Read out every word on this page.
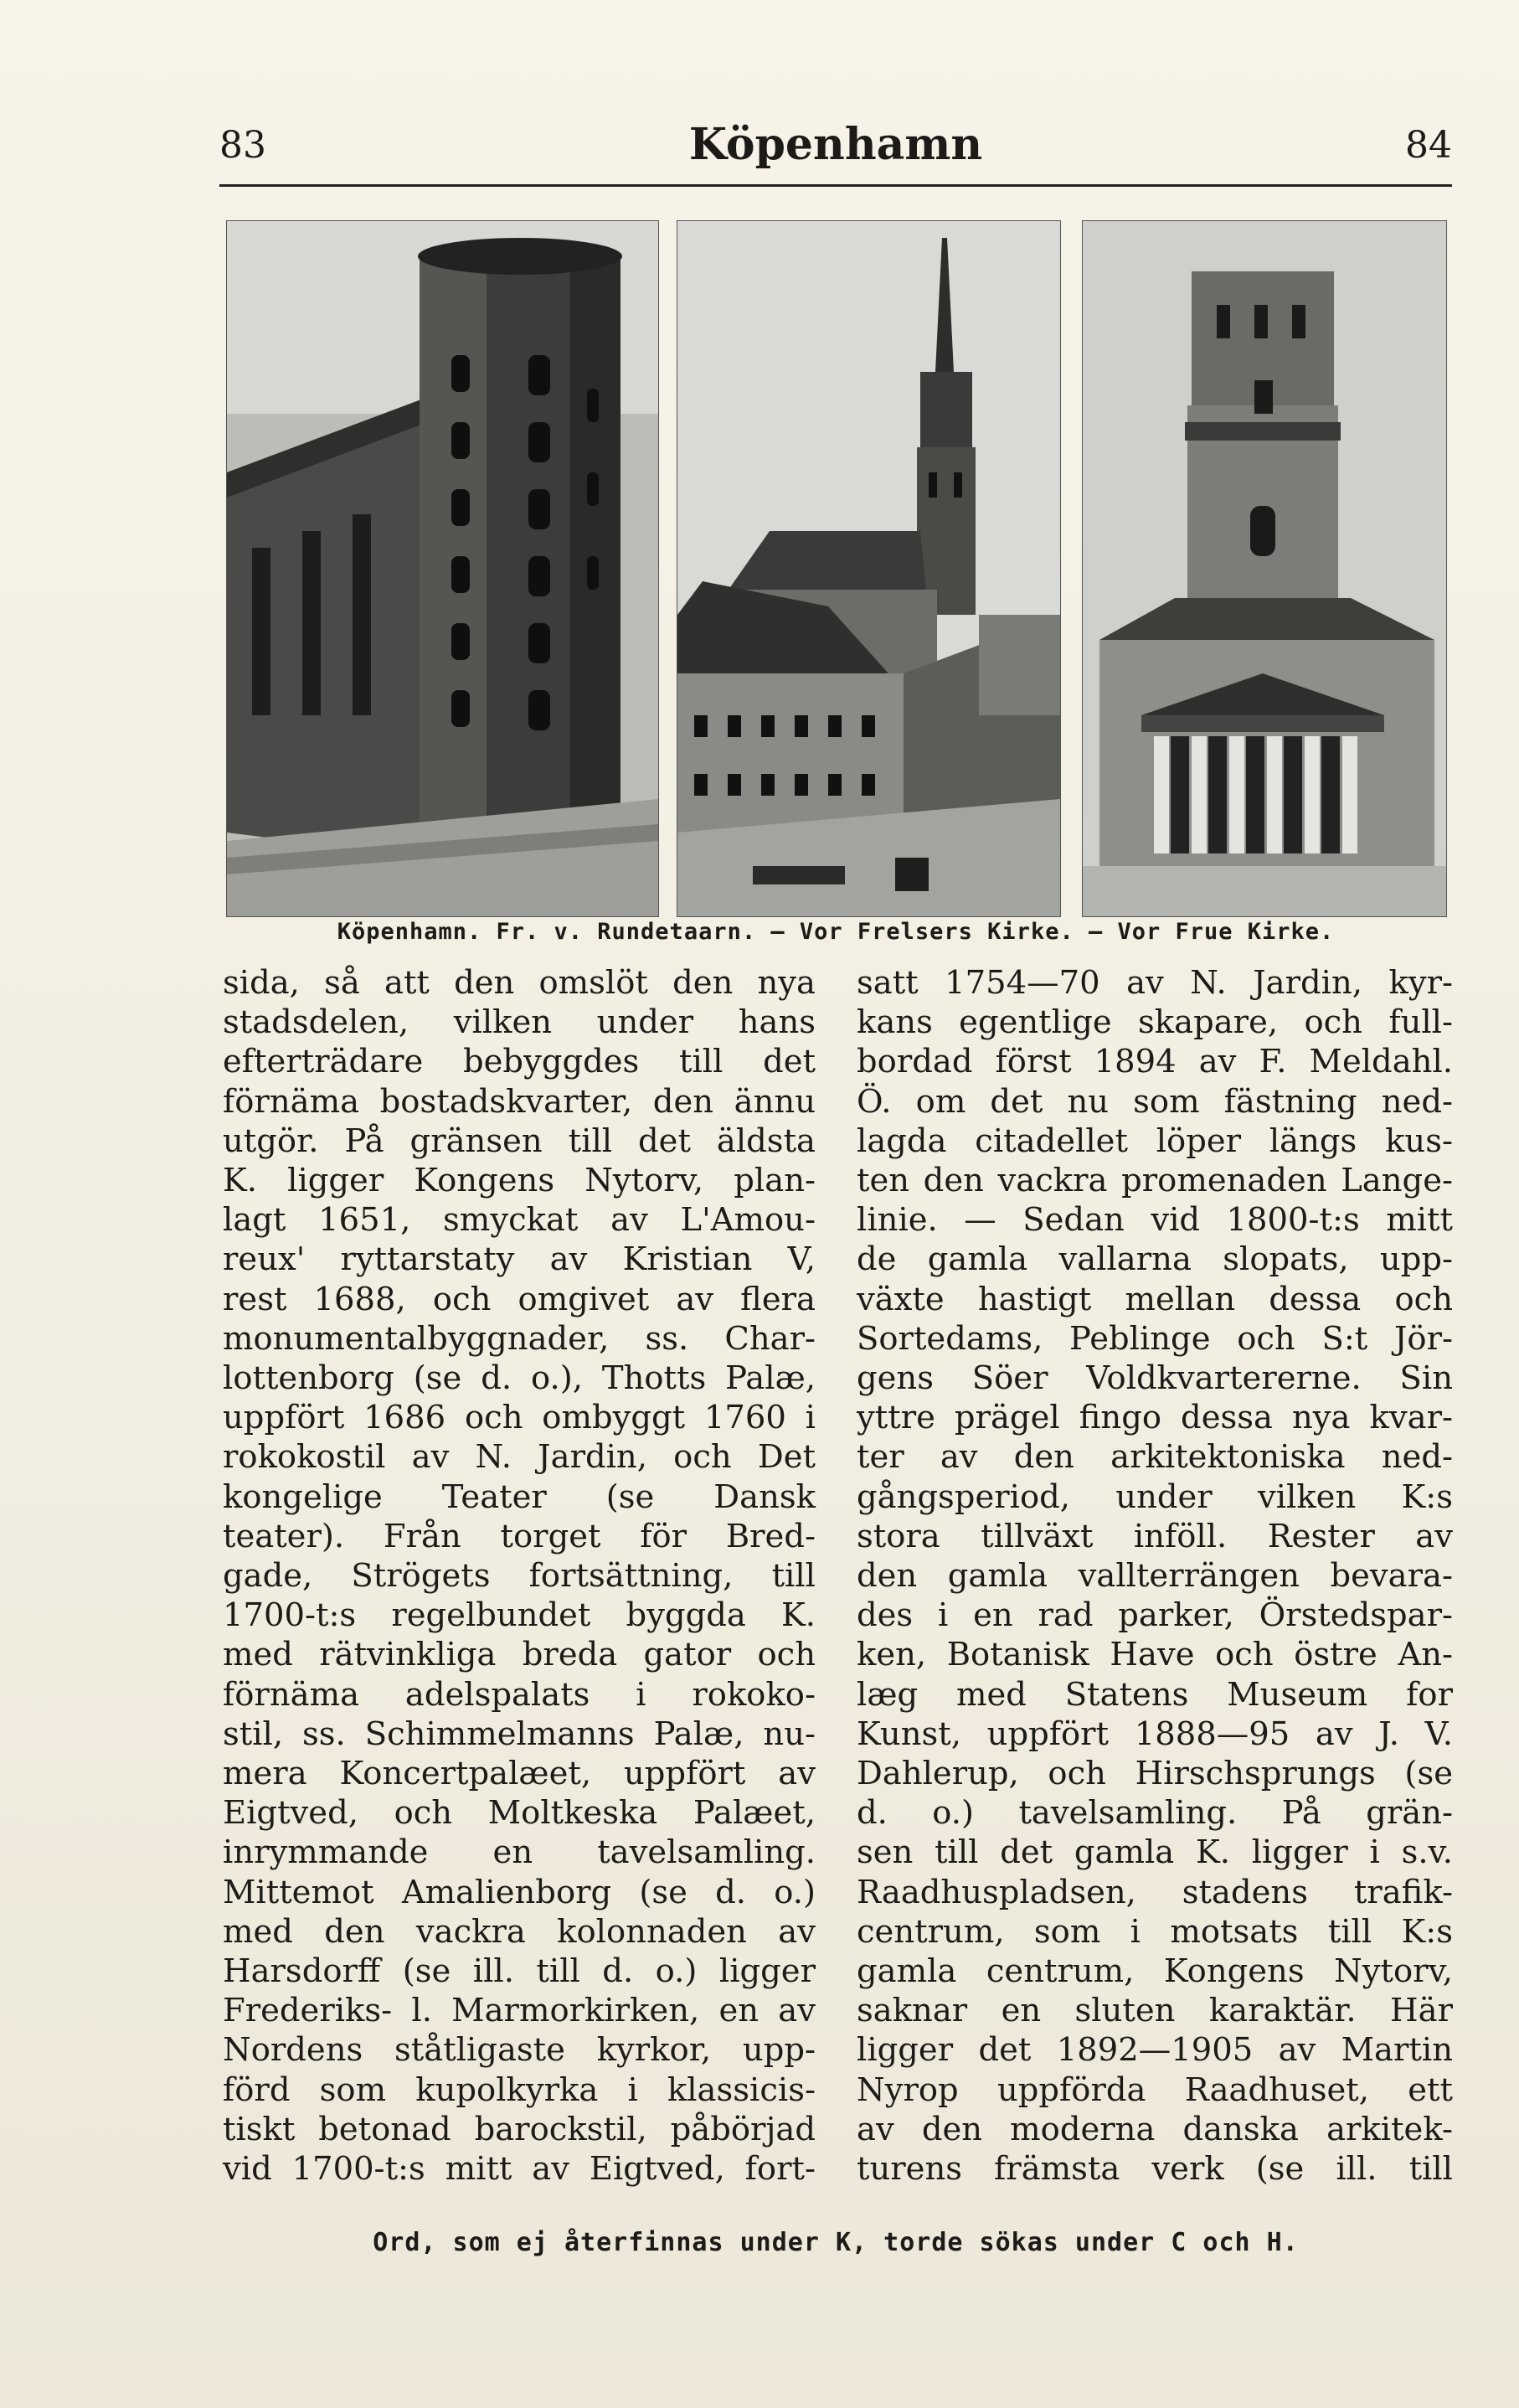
83	Köpenhamn	84
Köpenhamn. Fr. v. Rundetaarn. — Vor Frelsers Kirke. — Vor Frue Kirke.
sida, så att den omslöt den nya
stadsdelen, vilken under hans
efterträdare bebyggdes till det
förnäma bostadskvarter, den ännu
utgör. På gränsen till det äldsta
K. ligger Kongens Nytorv, plan-
lagt 1651, smyckat av L'Amou-
reux' ryttarstaty av Kristian V,
rest 1688, och omgivet av flera
monumentalbyggnader, ss. Char-
lottenborg (se d. o.), Thotts Palæ,
uppfört 1686 och ombyggt 1760 i
rokokostil av N. Jardin, och Det
kongelige Teater (se Dansk
teater). Från torget för Bred-
gade, Strögets fortsättning, till
1700-t:s regelbundet byggda K.
med rätvinkliga breda gator och
förnäma adelspalats i rokoko-
stil, ss. Schimmelmanns Palæ, nu-
mera Koncertpalæet, uppfört av
Eigtved, och Moltkeska Palæet,
inrymmande en tavelsamling.
Mittemot Amalienborg (se d. o.)
med den vackra kolonnaden av
Harsdorff (se ill. till d. o.) ligger
Frederiks- l. Marmorkirken, en av
Nordens ståtligaste kyrkor, upp-
förd som kupolkyrka i klassicis-
tiskt betonad barockstil, påbörjad
vid 1700-t:s mitt av Eigtved, fort-
satt 1754—70 av N. Jardin, kyr-
kans egentlige skapare, och full-
bordad först 1894 av F. Meldahl.
Ö. om det nu som fästning ned-
lagda citadellet löper längs kus-
ten den vackra promenaden Lange-
linie. — Sedan vid 1800-t:s mitt
de gamla vallarna slopats, upp-
växte hastigt mellan dessa och
Sortedams, Peblinge och S:t Jör-
gens Söer Voldkvartererne. Sin
yttre prägel fingo dessa nya kvar-
ter av den arkitektoniska ned-
gångsperiod, under vilken K:s
stora tillväxt inföll. Rester av
den gamla vallterrängen bevara-
des i en rad parker, Örstedspar-
ken, Botanisk Have och östre An-
læg med Statens Museum for
Kunst, uppfört 1888—95 av J. V.
Dahlerup, och Hirschsprungs (se
d. o.) tavelsamling. På grän-
sen till det gamla K. ligger i s.v.
Raadhuspladsen, stadens trafik-
centrum, som i motsats till K:s
gamla centrum, Kongens Nytorv,
saknar en sluten karaktär. Här
ligger det 1892—1905 av Martin
Nyrop uppförda Raadhuset, ett
av den moderna danska arkitek-
turens främsta verk (se ill. till
Ord, som ej återfinnas under K, torde sökas under C och H.
